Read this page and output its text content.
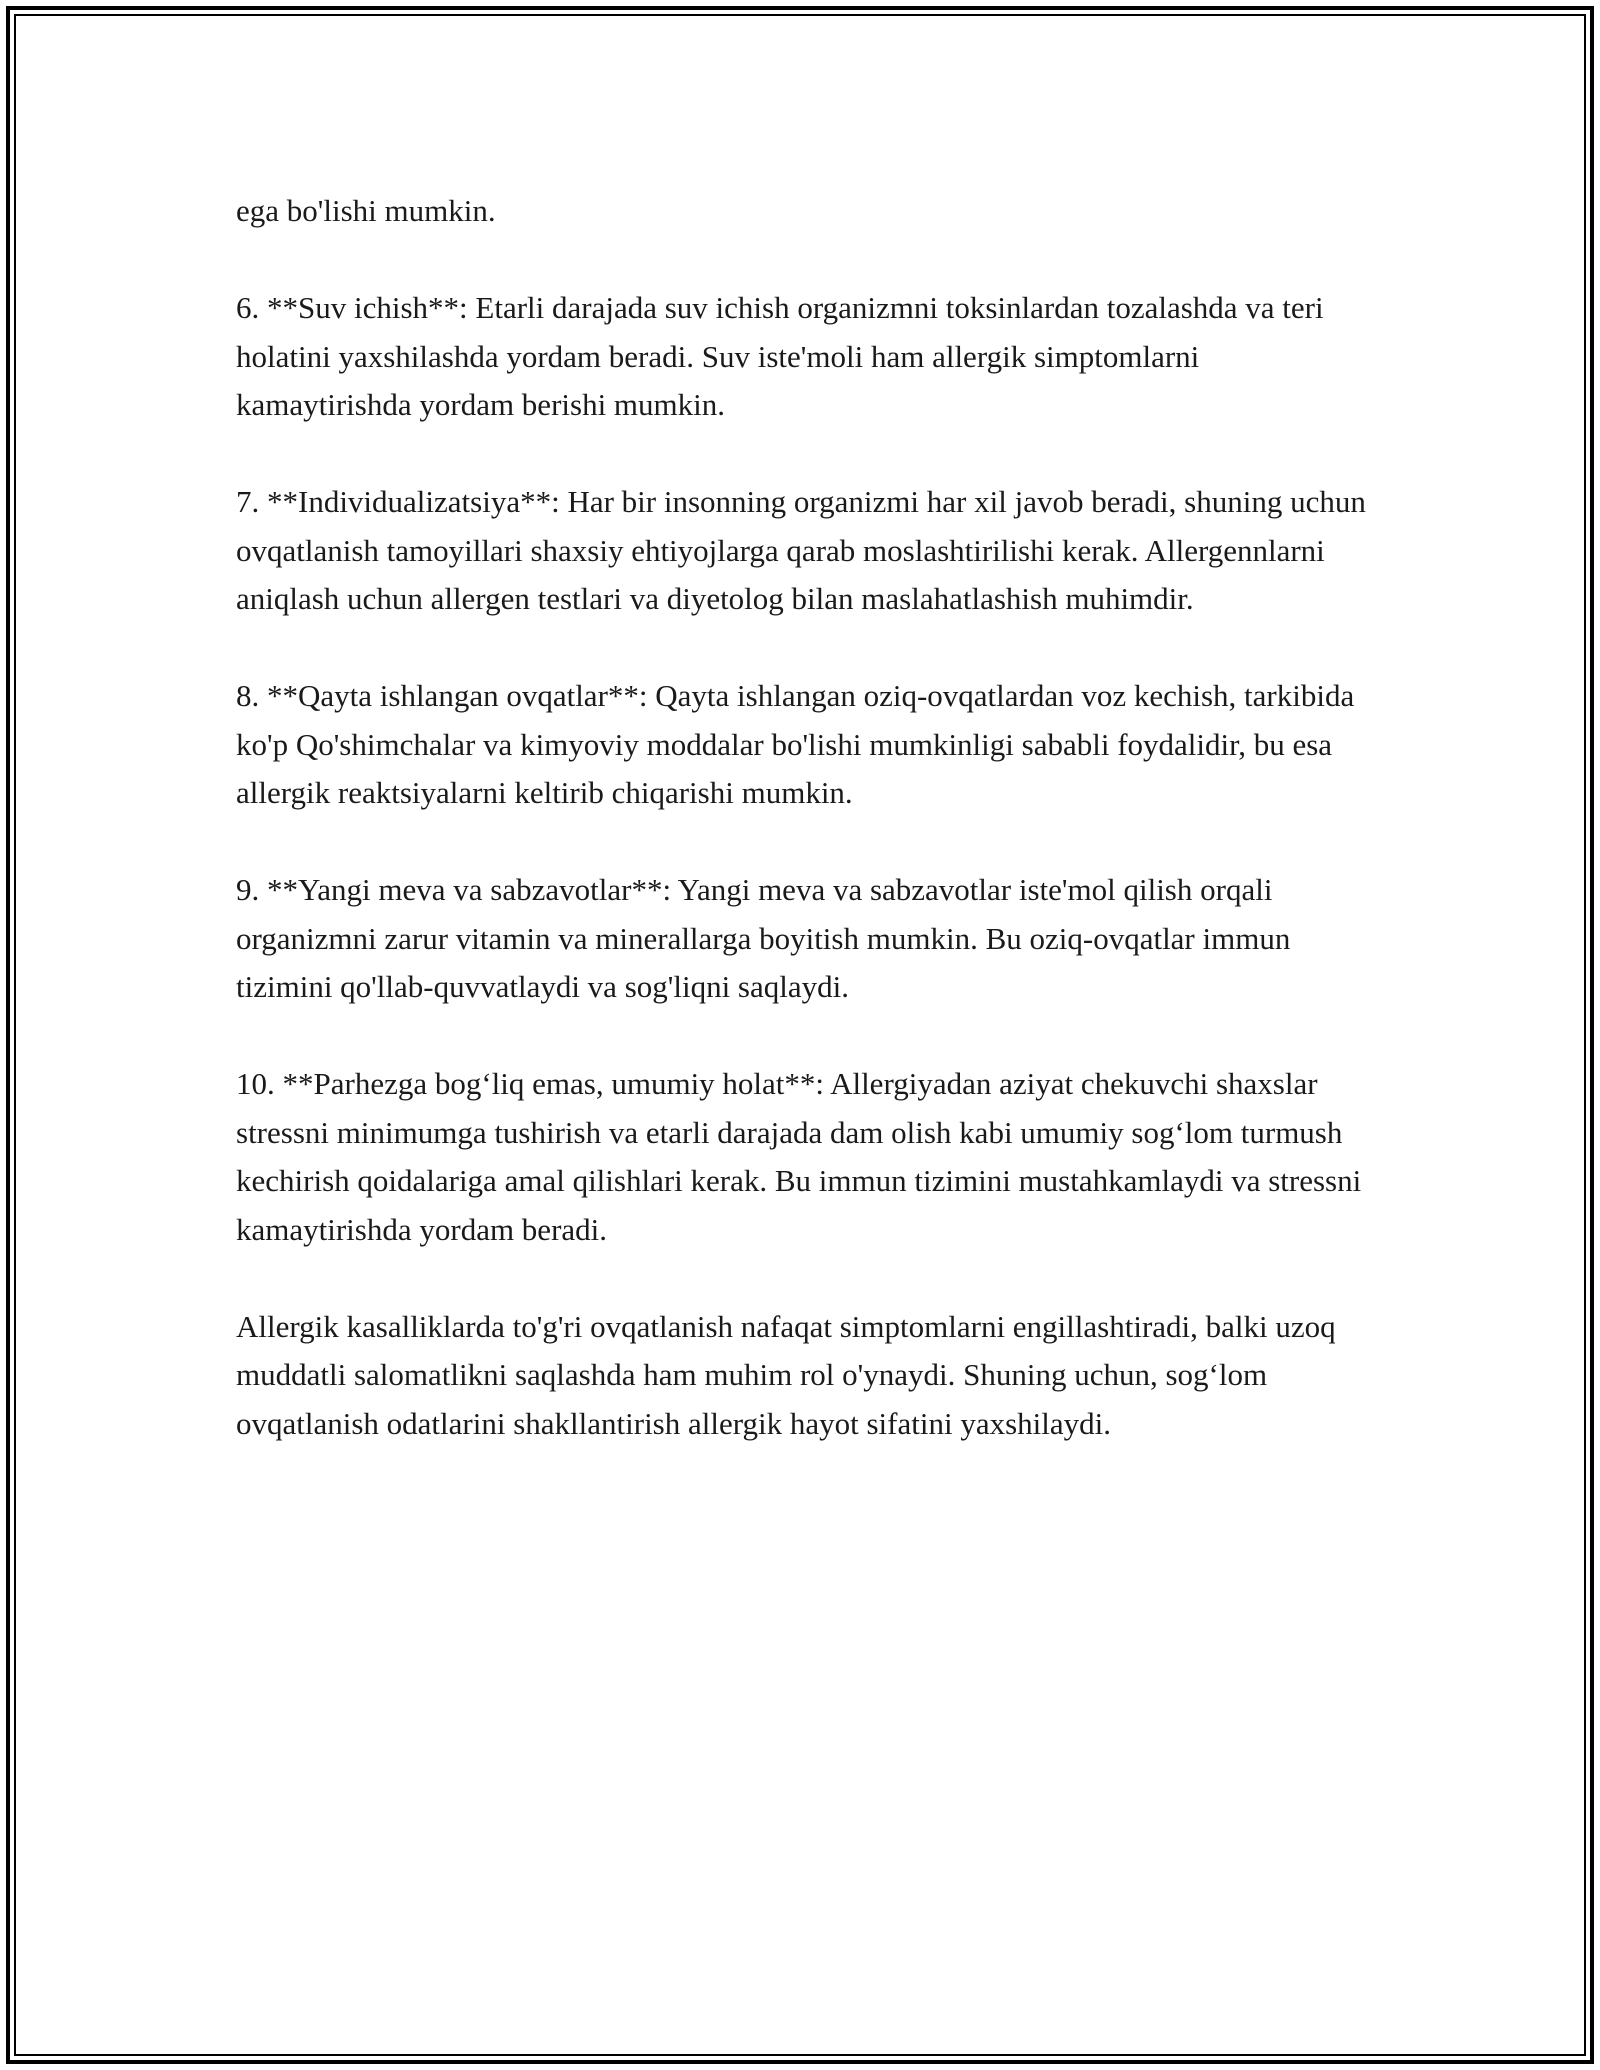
ega bo'lishi mumkin.

6. **Suv ichish**: Etarli darajada suv ichish organizmni toksinlardan tozalashda va teri holatini yaxshilashda yordam beradi. Suv iste'moli ham allergik simptomlarni kamaytirishda yordam berishi mumkin.

7. **Individualizatsiya**: Har bir insonning organizmi har xil javob beradi, shuning uchun ovqatlanish tamoyillari shaxsiy ehtiyojlarga qarab moslashtirilishi kerak. Allergennlarni aniqlash uchun allergen testlari va diyetolog bilan maslahatlashish muhimdir.

8. **Qayta ishlangan ovqatlar**: Qayta ishlangan oziq-ovqatlardan voz kechish, tarkibida ko'p Qo'shimchalar va kimyoviy moddalar bo'lishi mumkinligi sababli foydalidir, bu esa allergik reaktsiyalarni keltirib chiqarishi mumkin.

9. **Yangi meva va sabzavotlar**: Yangi meva va sabzavotlar iste'mol qilish orqali organizmni zarur vitamin va minerallarga boyitish mumkin. Bu oziq-ovqatlar immun tizimini qo'llab-quvvatlaydi va sog'liqni saqlaydi.

10. **Parhezga bog‘liq emas, umumiy holat**: Allergiyadan aziyat chekuvchi shaxslar stressni minimumga tushirish va etarli darajada dam olish kabi umumiy sog‘lom turmush kechirish qoidalariga amal qilishlari kerak. Bu immun tizimini mustahkamlaydi va stressni kamaytirishda yordam beradi.

Allergik kasalliklarda to'g'ri ovqatlanish nafaqat simptomlarni engillashtiradi, balki uzoq muddatli salomatlikni saqlashda ham muhim rol o'ynaydi. Shuning uchun, sog‘lom ovqatlanish odatlarini shakllantirish allergik hayot sifatini yaxshilaydi.
